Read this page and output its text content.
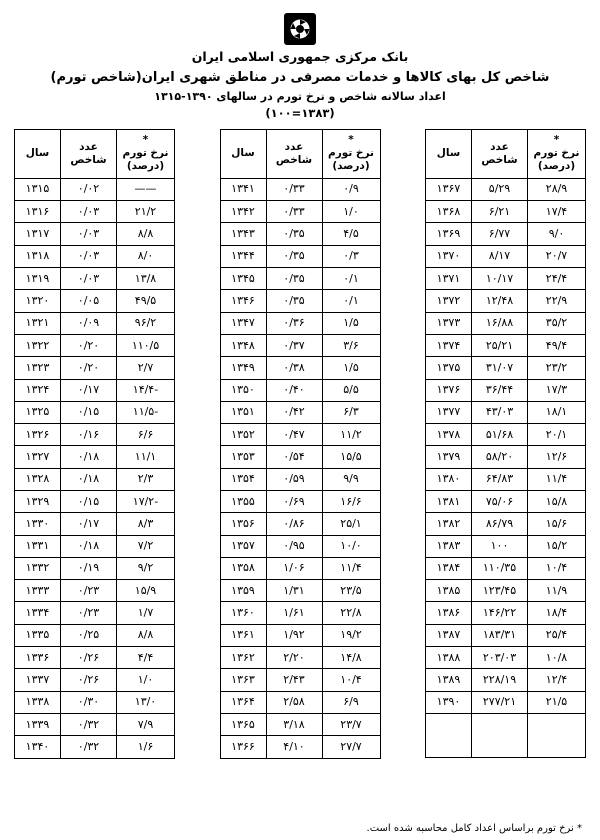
بانک مرکزی جمهوری اسلامی ایران
شاخص کل بهای کالاها و خدمات مصرفی در مناطق شهری ایران(شاخص تورم)
اعداد سالانه شاخص و نرخ تورم در سالهای ۱۳۹۰-۱۳۱۵
(۱۳۸۳=۱۰۰)
*
نرخ تورم (درصد)	عدد شاخص	سال
۲۸/۹	۵/۲۹	۱۳۶۷
۱۷/۴	۶/۲۱	۱۳۶۸
۹/۰	۶/۷۷	۱۳۶۹
۲۰/۷	۸/۱۷	۱۳۷۰
۲۴/۴	۱۰/۱۷	۱۳۷۱
۲۲/۹	۱۲/۴۸	۱۳۷۲
۳۵/۲	۱۶/۸۸	۱۳۷۳
۴۹/۴	۲۵/۲۱	۱۳۷۴
۲۳/۲	۳۱/۰۷	۱۳۷۵
۱۷/۳	۳۶/۴۴	۱۳۷۶
۱۸/۱	۴۳/۰۳	۱۳۷۷
۲۰/۱	۵۱/۶۸	۱۳۷۸
۱۲/۶	۵۸/۲۰	۱۳۷۹
۱۱/۴	۶۴/۸۳	۱۳۸۰
۱۵/۸	۷۵/۰۶	۱۳۸۱
۱۵/۶	۸۶/۷۹	۱۳۸۲
۱۵/۲	۱۰۰	۱۳۸۳
۱۰/۴	۱۱۰/۳۵	۱۳۸۴
۱۱/۹	۱۲۳/۴۵	۱۳۸۵
۱۸/۴	۱۴۶/۲۲	۱۳۸۶
۲۵/۴	۱۸۳/۳۱	۱۳۸۷
۱۰/۸	۲۰۳/۰۳	۱۳۸۸
۱۲/۴	۲۲۸/۱۹	۱۳۸۹
۲۱/۵	۲۷۷/۲۱	۱۳۹۰

*
نرخ تورم (درصد)	عدد شاخص	سال
۰/۹	۰/۳۳	۱۳۴۱
۱/۰	۰/۳۳	۱۳۴۲
۴/۵	۰/۳۵	۱۳۴۳
۰/۳	۰/۳۵	۱۳۴۴
۰/۱	۰/۳۵	۱۳۴۵
۰/۱	۰/۳۵	۱۳۴۶
۱/۵	۰/۳۶	۱۳۴۷
۳/۶	۰/۳۷	۱۳۴۸
۱/۵	۰/۳۸	۱۳۴۹
۵/۵	۰/۴۰	۱۳۵۰
۶/۳	۰/۴۲	۱۳۵۱
۱۱/۲	۰/۴۷	۱۳۵۲
۱۵/۵	۰/۵۴	۱۳۵۳
۹/۹	۰/۵۹	۱۳۵۴
۱۶/۶	۰/۶۹	۱۳۵۵
۲۵/۱	۰/۸۶	۱۳۵۶
۱۰/۰	۰/۹۵	۱۳۵۷
۱۱/۴	۱/۰۶	۱۳۵۸
۲۳/۵	۱/۳۱	۱۳۵۹
۲۲/۸	۱/۶۱	۱۳۶۰
۱۹/۲	۱/۹۲	۱۳۶۱
۱۴/۸	۲/۲۰	۱۳۶۲
۱۰/۴	۲/۴۳	۱۳۶۳
۶/۹	۲/۵۸	۱۳۶۴
۲۳/۷	۳/۱۸	۱۳۶۵
۲۷/۷	۴/۱۰	۱۳۶۶
*
نرخ تورم (درصد)	عدد شاخص	سال
——	۰/۰۲	۱۳۱۵
۲۱/۲	۰/۰۳	۱۳۱۶
۸/۸	۰/۰۳	۱۳۱۷
۸/۰	۰/۰۳	۱۳۱۸
۱۳/۸	۰/۰۳	۱۳۱۹
۴۹/۵	۰/۰۵	۱۳۲۰
۹۶/۲	۰/۰۹	۱۳۲۱
۱۱۰/۵	۰/۲۰	۱۳۲۲
۲/۷	۰/۲۰	۱۳۲۳
-۱۴/۴	۰/۱۷	۱۳۲۴
-۱۱/۵	۰/۱۵	۱۳۲۵
۶/۶	۰/۱۶	۱۳۲۶
۱۱/۱	۰/۱۸	۱۳۲۷
۲/۳	۰/۱۸	۱۳۲۸
-۱۷/۲	۰/۱۵	۱۳۲۹
۸/۳	۰/۱۷	۱۳۳۰
۷/۲	۰/۱۸	۱۳۳۱
۹/۲	۰/۱۹	۱۳۳۲
۱۵/۹	۰/۲۳	۱۳۳۳
۱/۷	۰/۲۳	۱۳۳۴
۸/۸	۰/۲۵	۱۳۳۵
۴/۴	۰/۲۶	۱۳۳۶
۱/۰	۰/۲۶	۱۳۳۷
۱۳/۰	۰/۳۰	۱۳۳۸
۷/۹	۰/۳۲	۱۳۳۹
۱/۶	۰/۳۲	۱۳۴۰
* نرخ تورم براساس اعداد کامل محاسبه شده است.
